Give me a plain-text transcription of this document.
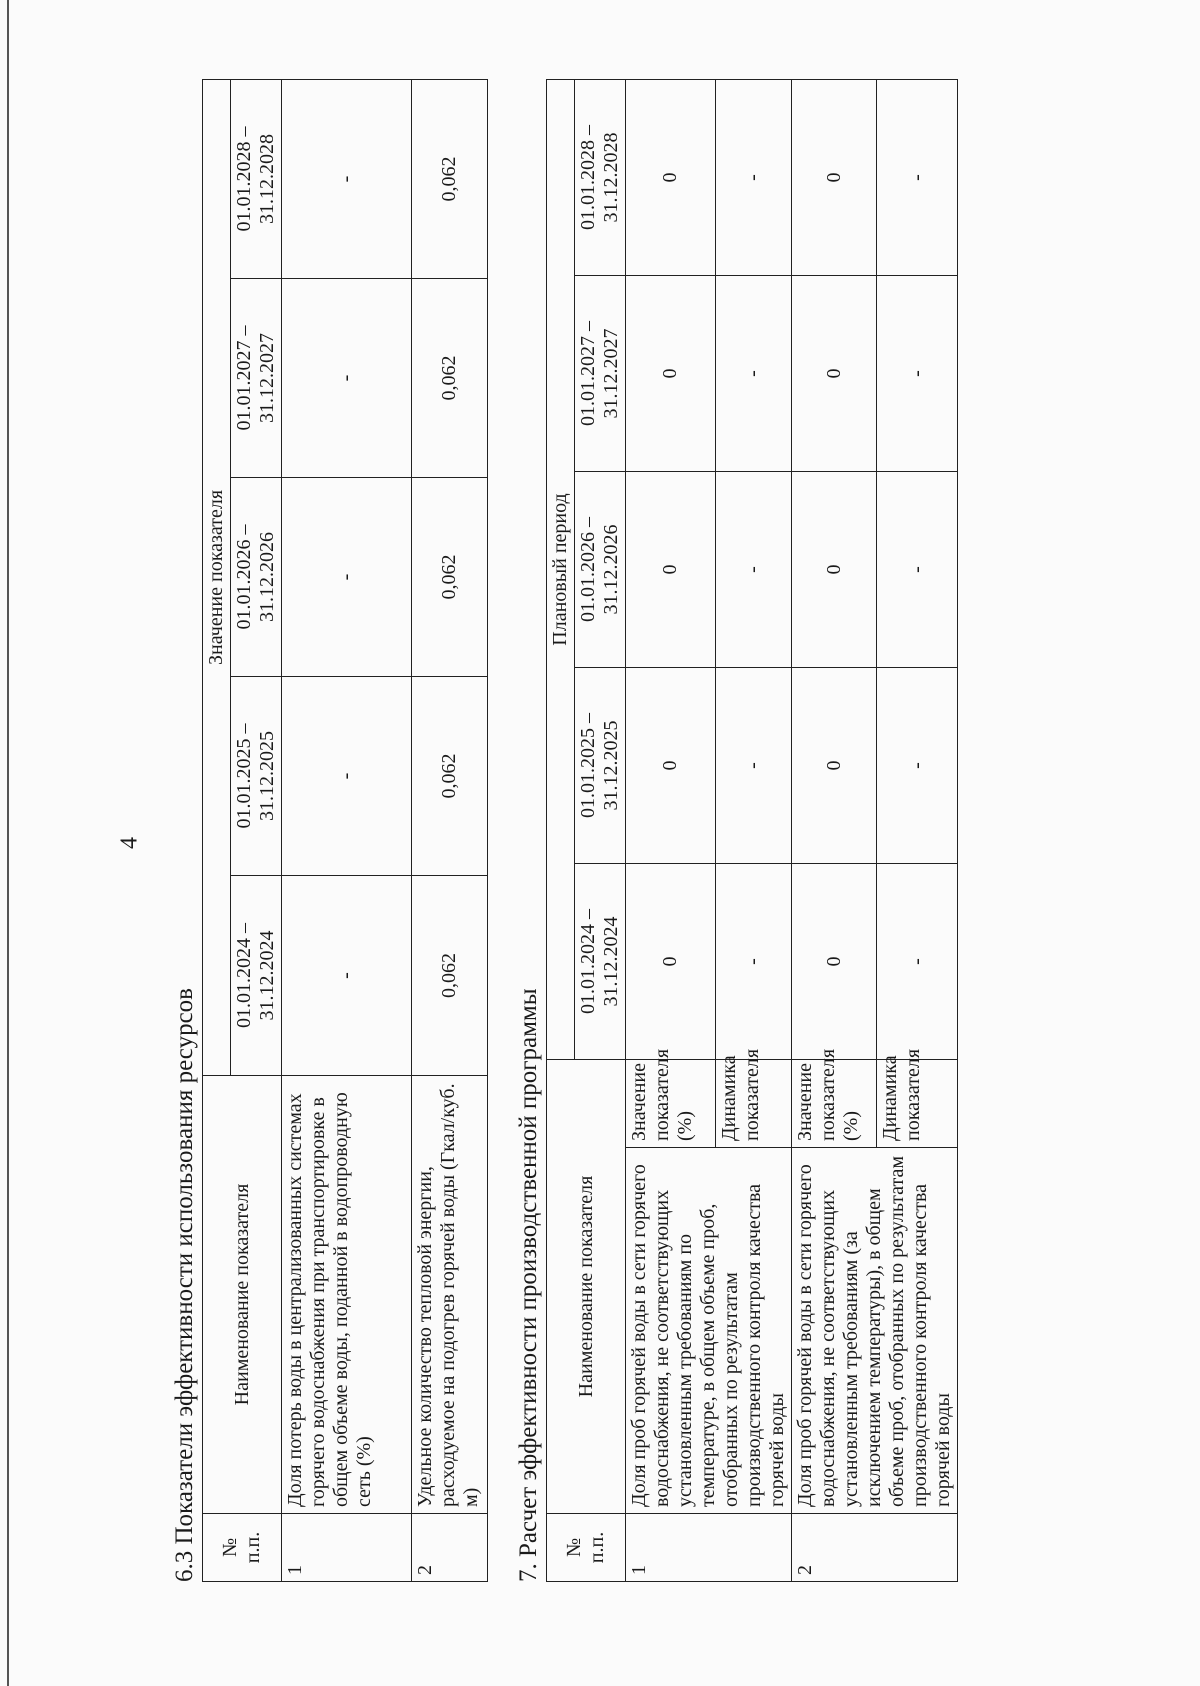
4
6.3 Показатели эффективности использования ресурсов № п.п.	Наименование показателя	Значение показателя				
		01.01.2024 – 31.12.2024	01.01.2025 – 31.12.2025	01.01.2026 – 31.12.2026	01.01.2027 – 31.12.2027	01.01.2028 – 31.12.2028
1	Доля потерь воды в централизованных системах горячего водоснабжения при транспортировке в общем объеме воды, поданной в водопроводную сеть (%)	-	-	-	-	-
2	Удельное количество тепловой энергии, расходуемое на подогрев горячей воды (Гкал/куб. м)	0,062	0,062	0,062	0,062	0,062
7. Расчет эффективности производственной программы № п.п.	Наименование показателя		Плановый период				
			01.01.2024 – 31.12.2024	01.01.2025 – 31.12.2025	01.01.2026 – 31.12.2026	01.01.2027 – 31.12.2027	01.01.2028 – 31.12.2028
1	Доля проб горячей воды в сети горячего водоснабжения, не соответствующих установленным требованиям по температуре, в общем объеме проб, отобранных по результатам производственного контроля качества горячей воды	Значение показателя (%)	0	0	0	0	0
		Динамика показателя	-	-	-	-	-
2	Доля проб горячей воды в сети горячего водоснабжения, не соответствующих установленным требованиям (за исключением температуры), в общем объеме проб, отобранных по результатам производственного контроля качества горячей воды	Значение показателя (%)	0	0	0	0	0
		Динамика показателя	-	-	-	-	-
